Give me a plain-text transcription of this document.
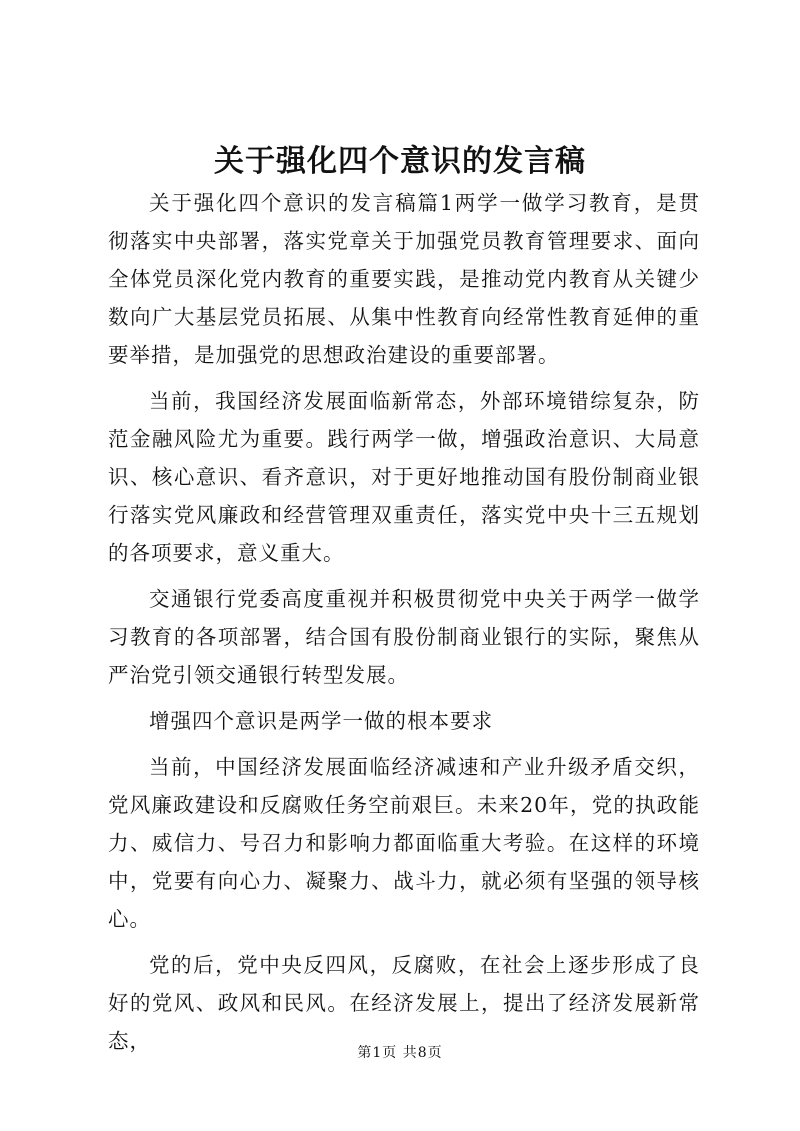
关于强化四个意识的发言稿

关于强化四个意识的发言稿篇1两学一做学习教育，是贯彻落实中央部署，落实党章关于加强党员教育管理要求、面向全体党员深化党内教育的重要实践，是推动党内教育从关键少数向广大基层党员拓展、从集中性教育向经常性教育延伸的重要举措，是加强党的思想政治建设的重要部署。

当前，我国经济发展面临新常态，外部环境错综复杂，防范金融风险尤为重要。践行两学一做，增强政治意识、大局意识、核心意识、看齐意识，对于更好地推动国有股份制商业银行落实党风廉政和经营管理双重责任，落实党中央十三五规划的各项要求，意义重大。

交通银行党委高度重视并积极贯彻党中央关于两学一做学习教育的各项部署，结合国有股份制商业银行的实际，聚焦从严治党引领交通银行转型发展。

增强四个意识是两学一做的根本要求

当前，中国经济发展面临经济减速和产业升级矛盾交织，党风廉政建设和反腐败任务空前艰巨。未来20年，党的执政能力、威信力、号召力和影响力都面临重大考验。在这样的环境中，党要有向心力、凝聚力、战斗力，就必须有坚强的领导核心。

党的后，党中央反四风，反腐败，在社会上逐步形成了良好的党风、政风和民风。在经济发展上，提出了经济发展新常态，	第1页 共8页
